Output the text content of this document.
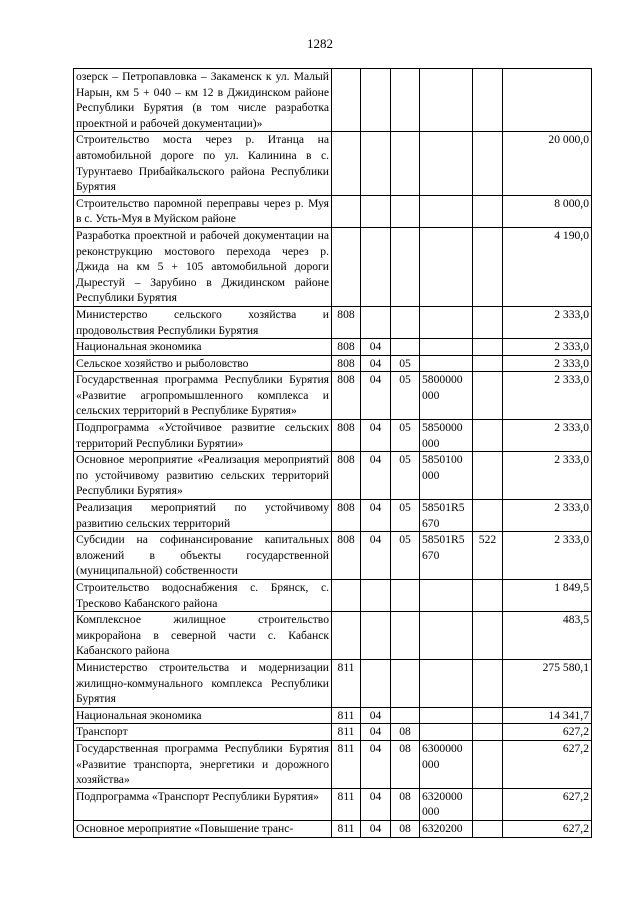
1282
озерск – Петропавловка – Закаменск к ул. Малый Нарын, км 5 + 040 – км 12 в Джидинском районе Республики Бурятия (в том числе разработка проектной и рабочей документации)»						
Строительство моста через р. Итанца на автомобильной дороге по ул. Калинина в с. Турунтаево Прибайкальского района Республики Бурятия						20 000,0
Строительство паромной переправы через р. Муя в с. Усть-Муя в Муйском районе						8 000,0
Разработка проектной и рабочей документации на реконструкцию мостового перехода через р. Джида на км 5 + 105 автомобильной дороги Дырестуй – Зарубино в Джидинском районе Республики Бурятия						4 190,0
Министерство сельского хозяйства и продовольствия Республики Бурятия	808					2 333,0
Национальная экономика	808	04				2 333,0
Сельское хозяйство и рыболовство	808	04	05			2 333,0
Государственная программа Республики Бурятия «Развитие агропромышленного комплекса и сельских территорий в Республике Бурятия»	808	04	05	5800000 000		2 333,0
Подпрограмма «Устойчивое развитие сельских территорий Республики Бурятии»	808	04	05	5850000 000		2 333,0
Основное мероприятие «Реализация мероприятий по устойчивому развитию сельских территорий Республики Бурятия»	808	04	05	5850100 000		2 333,0
Реализация мероприятий по устойчивому развитию сельских территорий	808	04	05	58501R5 670		2 333,0
Субсидии на софинансирование капитальных вложений в объекты государственной (муниципальной) собственности	808	04	05	58501R5 670	522	2 333,0
Строительство водоснабжения с. Брянск, с. Тресково Кабанского района						1 849,5
Комплексное жилищное строительство микрорайона в северной части с. Кабанск Кабанского района						483,5
Министерство строительства и модернизации жилищно-коммунального комплекса Республики Бурятия	811					275 580,1
Национальная экономика	811	04				14 341,7
Транспорт	811	04	08			627,2
Государственная программа Республики Бурятия «Развитие транспорта, энергетики и дорожного хозяйства»	811	04	08	6300000 000		627,2
Подпрограмма «Транспорт Республики Бурятия»	811	04	08	6320000 000		627,2
Основное мероприятие «Повышение транс-	811	04	08	6320200		627,2
